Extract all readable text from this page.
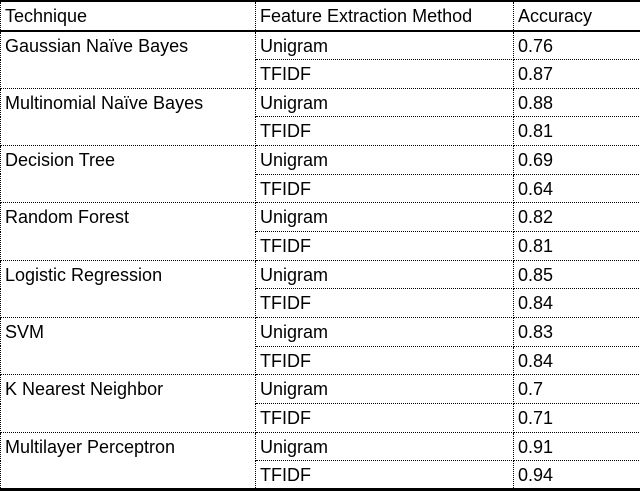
Technique	Feature Extraction Method	Accuracy
Gaussian Naïve Bayes	Unigram	0.76
	TFIDF	0.87
Multinomial Naïve Bayes	Unigram	0.88
	TFIDF	0.81
Decision Tree	Unigram	0.69
	TFIDF	0.64
Random Forest	Unigram	0.82
	TFIDF	0.81
Logistic Regression	Unigram	0.85
	TFIDF	0.84
SVM	Unigram	0.83
	TFIDF	0.84
K Nearest Neighbor	Unigram	0.7
	TFIDF	0.71
Multilayer Perceptron	Unigram	0.91
	TFIDF	0.94
